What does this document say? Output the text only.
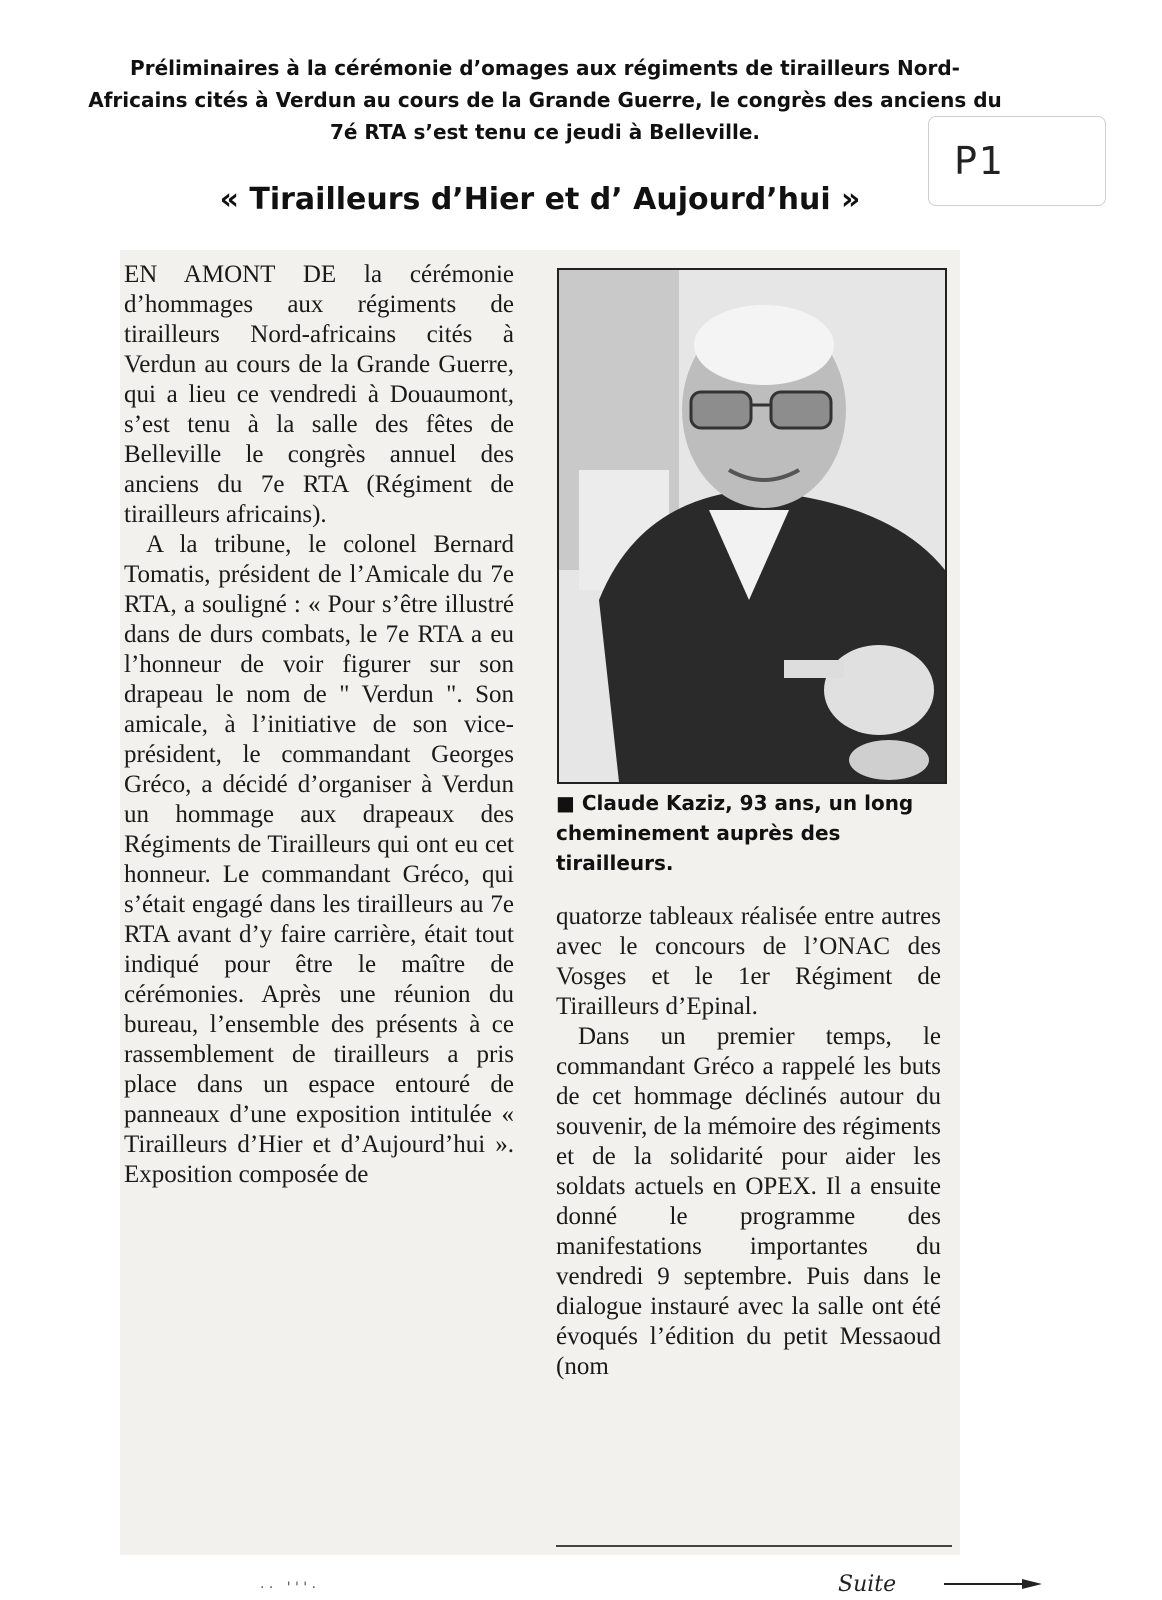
Préliminaires à la cérémonie d’omages aux régiments de tirailleurs Nord-
Africains cités à Verdun au cours de la Grande Guerre, le congrès des anciens du
7é RTA s’est tenu ce jeudi à Belleville.
« Tirailleurs d’Hier et d’ Aujourd’hui »
P1

EN AMONT DE la cérémonie d’hommages aux régiments de tirailleurs Nord-africains cités à Verdun au cours de la Grande Guerre, qui a lieu ce vendredi à Douaumont, s’est tenu à la salle des fêtes de Belleville le congrès annuel des anciens du 7e RTA (Régiment de tirailleurs africains).

A la tribune, le colonel Bernard Tomatis, président de l’Amicale du 7e RTA, a souligné : « Pour s’être illustré dans de durs combats, le 7e RTA a eu l’honneur de voir figurer sur son drapeau le nom de " Verdun ". Son amicale, à l’initiative de son vice-président, le commandant Georges Gréco, a décidé d’organiser à Verdun un hommage aux drapeaux des Régiments de Tirailleurs qui ont eu cet honneur. Le commandant Gréco, qui s’était engagé dans les tirailleurs au 7e RTA avant d’y faire carrière, était tout indiqué pour être le maître de cérémonies. Après une réunion du bureau, l’ensemble des présents à ce rassemblement de tirailleurs a pris place dans un espace entouré de panneaux d’une exposition intitulée « Tirailleurs d’Hier et d’Aujourd’hui ». Exposition composée de

■ Claude Kaziz, 93 ans, un long cheminement auprès des tirailleurs.

quatorze tableaux réalisée entre autres avec le concours de l’ONAC des Vosges et le 1er Régiment de Tirailleurs d’Epinal.

Dans un premier temps, le commandant Gréco a rappelé les buts de cet hommage déclinés autour du souvenir, de la mémoire des régiments et de la solidarité pour aider les soldats actuels en OPEX. Il a ensuite donné le programme des manifestations importantes du vendredi 9 septembre. Puis dans le dialogue instauré avec la salle ont été évoqués l’édition du petit Messaoud (nom

· ·   ' ' ' ·	Suite
